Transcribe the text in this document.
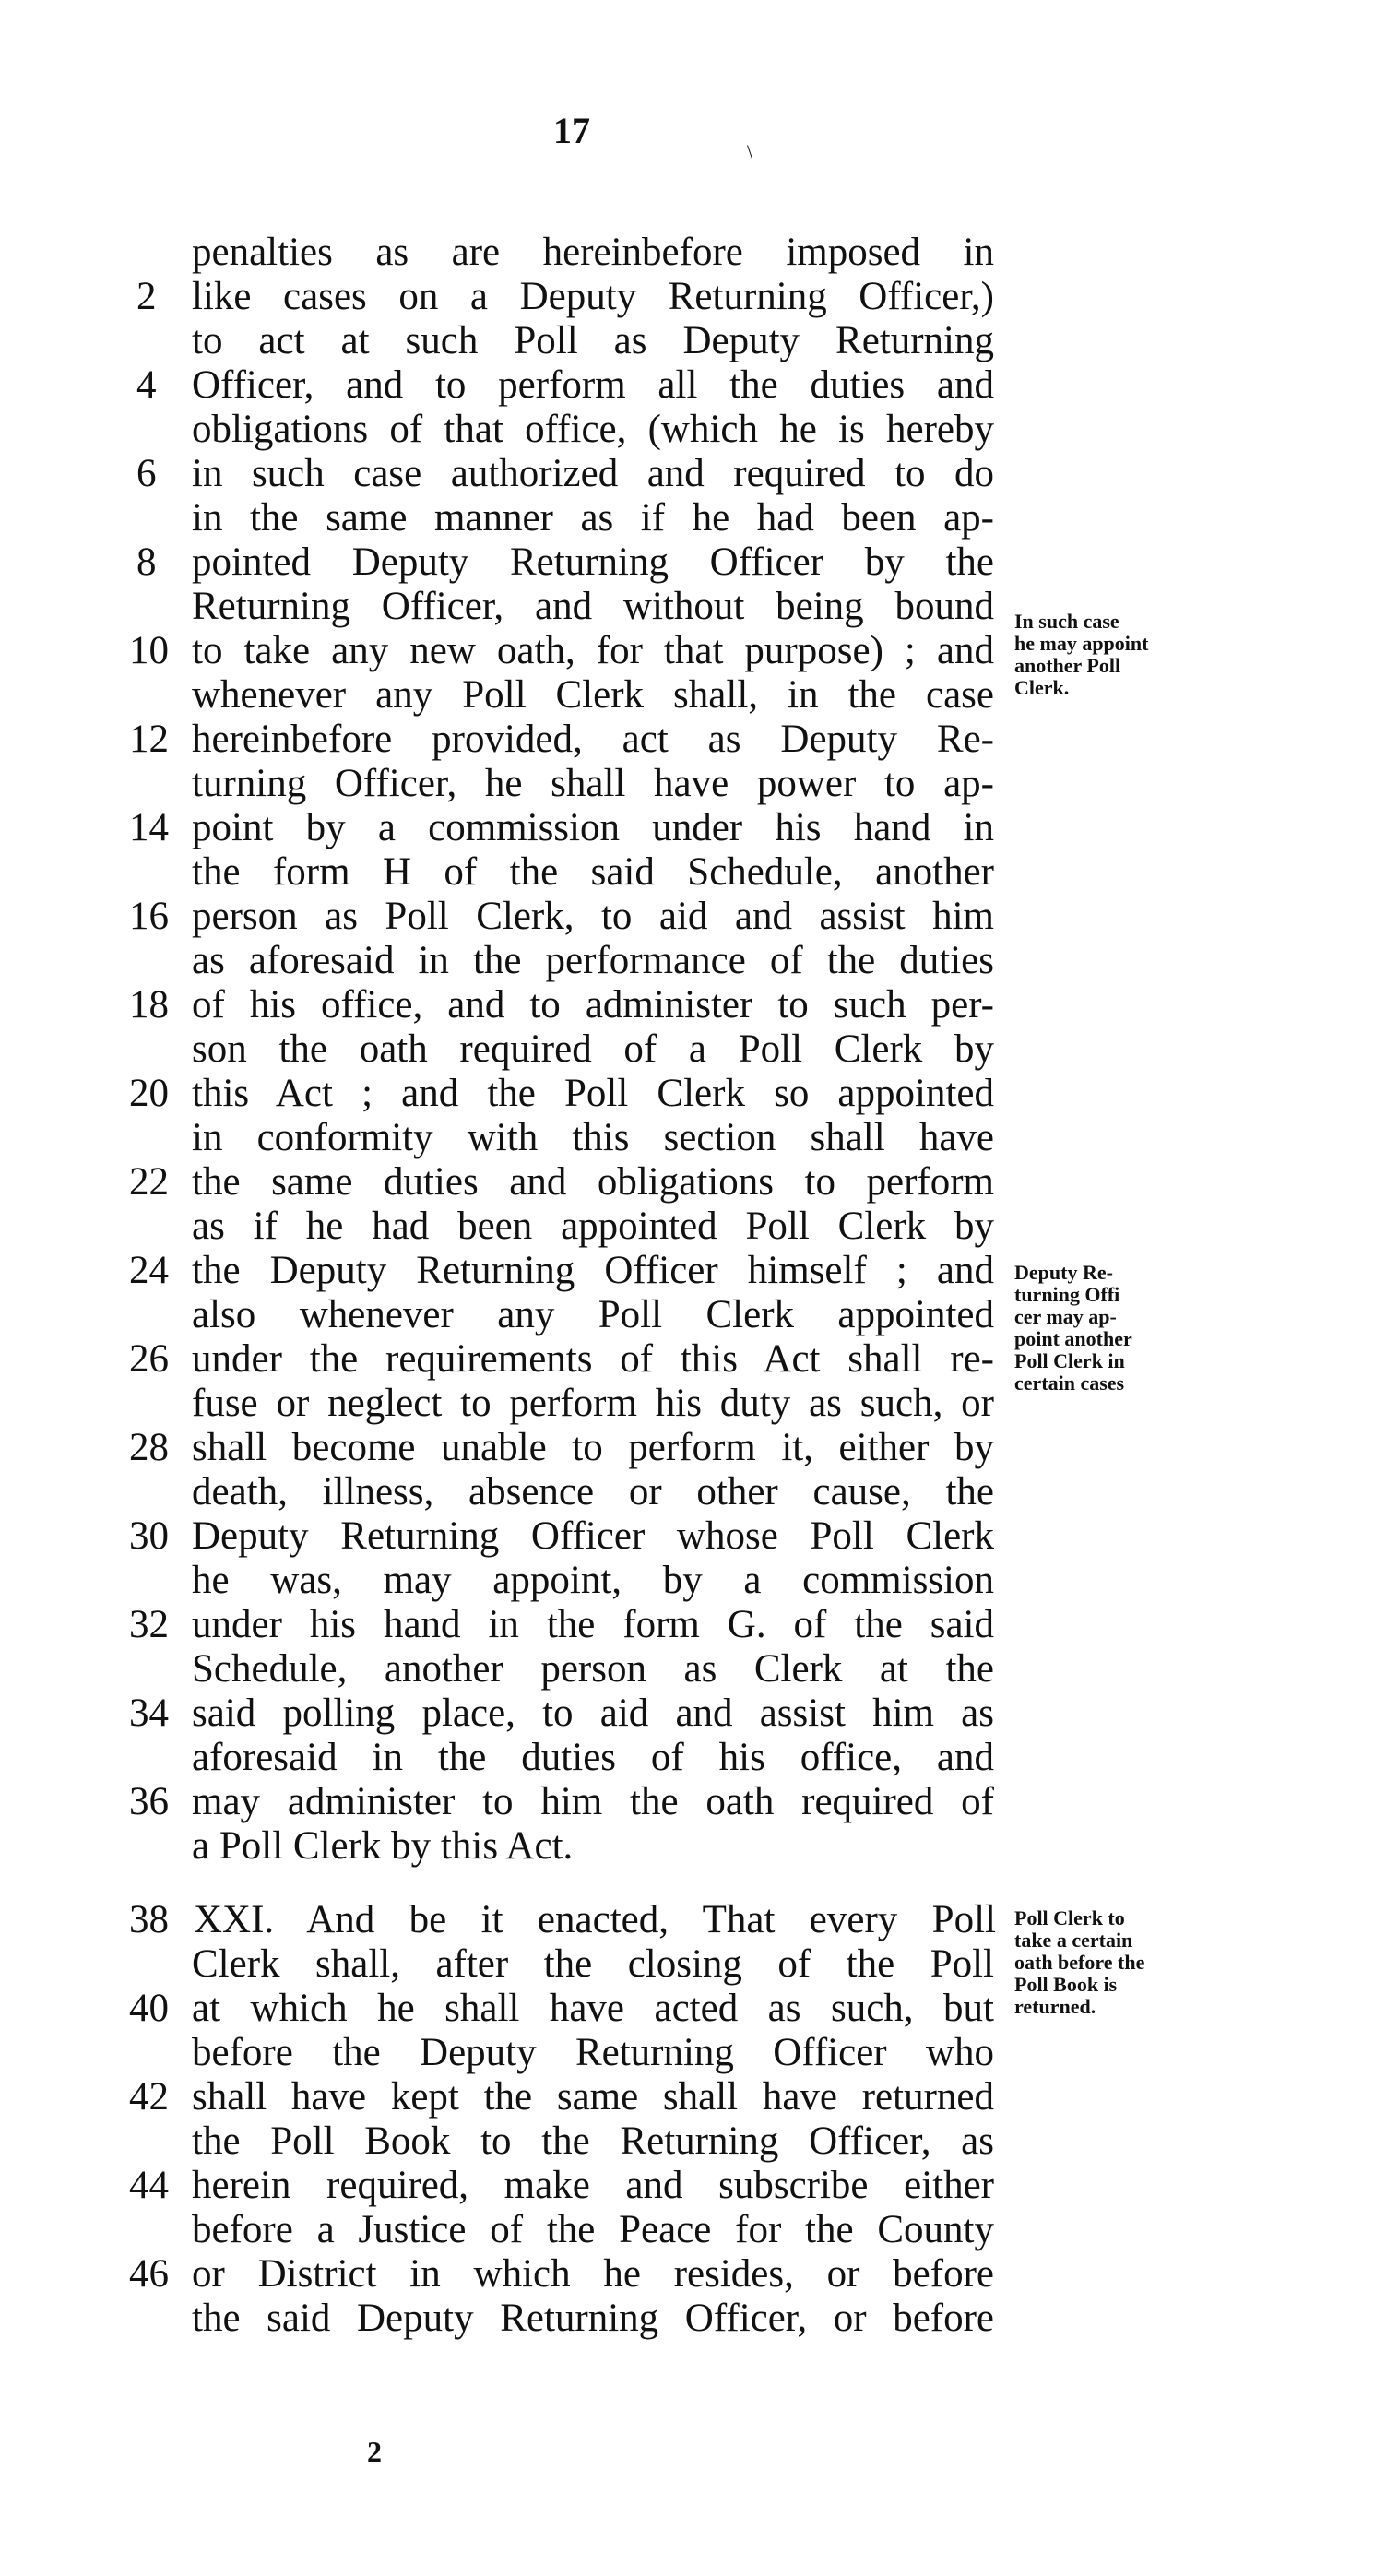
17
\
2
4
6
8
10
12
14
16
18
20
22
24
26
28
30
32
34
36
38
40
42
44
46
penalties as are hereinbefore imposed in
like cases on a Deputy Returning Officer,)
to act at such Poll as Deputy Returning
Officer, and to perform all the duties and
obligations of that office, (which he is hereby
in such case authorized and required to do
in the same manner as if he had been ap-
pointed Deputy Returning Officer by the
Returning Officer, and without being bound
to take any new oath, for that purpose) ; and
whenever any Poll Clerk shall, in the case
hereinbefore provided, act as Deputy Re-
turning Officer, he shall have power to ap-
point by a commission under his hand in
the form H of the said Schedule, another
person as Poll Clerk, to aid and assist him
as aforesaid in the performance of the duties
of his office, and to administer to such per-
son the oath required of a Poll Clerk by
this Act ; and the Poll Clerk so appointed
in conformity with this section shall have
the same duties and obligations to perform
as if he had been appointed Poll Clerk by
the Deputy Returning Officer himself ; and
also whenever any Poll Clerk appointed
under the requirements of this Act shall re-
fuse or neglect to perform his duty as such, or
shall become unable to perform it, either by
death, illness, absence or other cause, the
Deputy Returning Officer whose Poll Clerk
he was, may appoint, by a commission
under his hand in the form G. of the said
Schedule, another person as Clerk at the
said polling place, to aid and assist him as
aforesaid in the duties of his office, and
may administer to him the oath required of
a Poll Clerk by this Act.
XXI. And be it enacted, That every Poll
Clerk shall, after the closing of the Poll
at which he shall have acted as such, but
before the Deputy Returning Officer who
shall have kept the same shall have returned
the Poll Book to the Returning Officer, as
herein required, make and subscribe either
before a Justice of the Peace for the County
or District in which he resides, or before
the said Deputy Returning Officer, or before
In such case
he may appoint
another Poll
Clerk.
Deputy Re-
turning Offi
cer may ap-
point another
Poll Clerk in
certain cases
Poll Clerk to
take a certain
oath before the
Poll Book is
returned.
2
